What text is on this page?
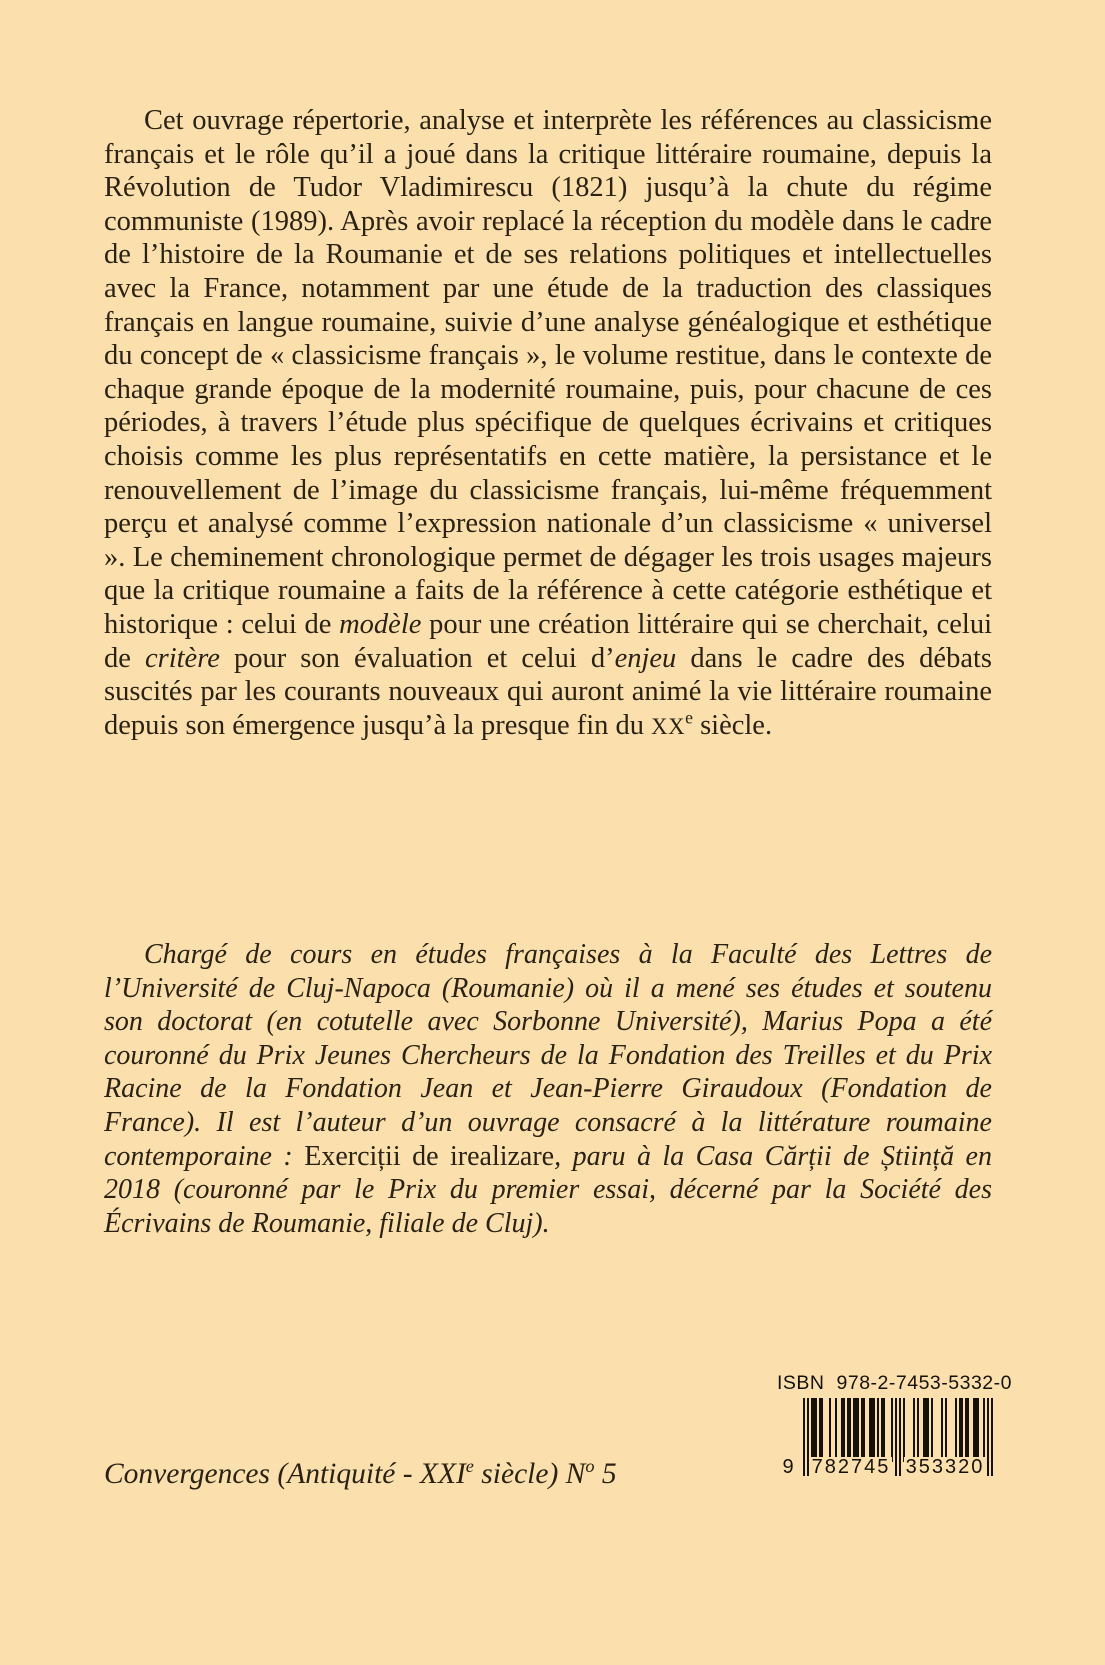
Cet ouvrage répertorie, analyse et interprète les références au classicisme français et le rôle qu’il a joué dans la critique littéraire roumaine, depuis la Révolution de Tudor Vladimirescu (1821) jusqu’à la chute du régime communiste (1989). Après avoir replacé la réception du modèle dans le cadre de l’histoire de la Roumanie et de ses relations politiques et intellectuelles avec la France, notamment par une étude de la traduction des classiques français en langue roumaine, suivie d’une analyse généalogique et esthétique du concept de « classicisme français », le volume restitue, dans le contexte de chaque grande époque de la modernité roumaine, puis, pour chacune de ces périodes, à travers l’étude plus spécifique de quelques écrivains et critiques choisis comme les plus représentatifs en cette matière, la persistance et le renouvellement de l’image du classicisme français, lui-même fréquemment perçu et analysé comme l’expression nationale d’un classicisme « universel ». Le cheminement chronologique permet de dégager les trois usages majeurs que la critique roumaine a faits de la référence à cette catégorie esthétique et historique : celui de modèle pour une création littéraire qui se cherchait, celui de critère pour son évaluation et celui d’enjeu dans le cadre des débats suscités par les courants nouveaux qui auront animé la vie littéraire roumaine depuis son émergence jusqu’à la presque fin du XXe siècle.

Chargé de cours en études françaises à la Faculté des Lettres de l’Université de Cluj-Napoca (Roumanie) où il a mené ses études et soutenu son doctorat (en cotutelle avec Sorbonne Université), Marius Popa a été couronné du Prix Jeunes Chercheurs de la Fondation des Treilles et du Prix Racine de la Fondation Jean et Jean-Pierre Giraudoux (Fondation de France). Il est l’auteur d’un ouvrage consacré à la littérature roumaine contemporaine : Exerciții de irealizare, paru à la Casa Cărții de Știință en 2018 (couronné par le Prix du premier essai, décerné par la Société des Écrivains de Roumanie, filiale de Cluj).

Convergences (Antiquité - XXIe siècle) $N^o$ 5

ISBN 978-2-7453-5332-0
9 782745 353320
